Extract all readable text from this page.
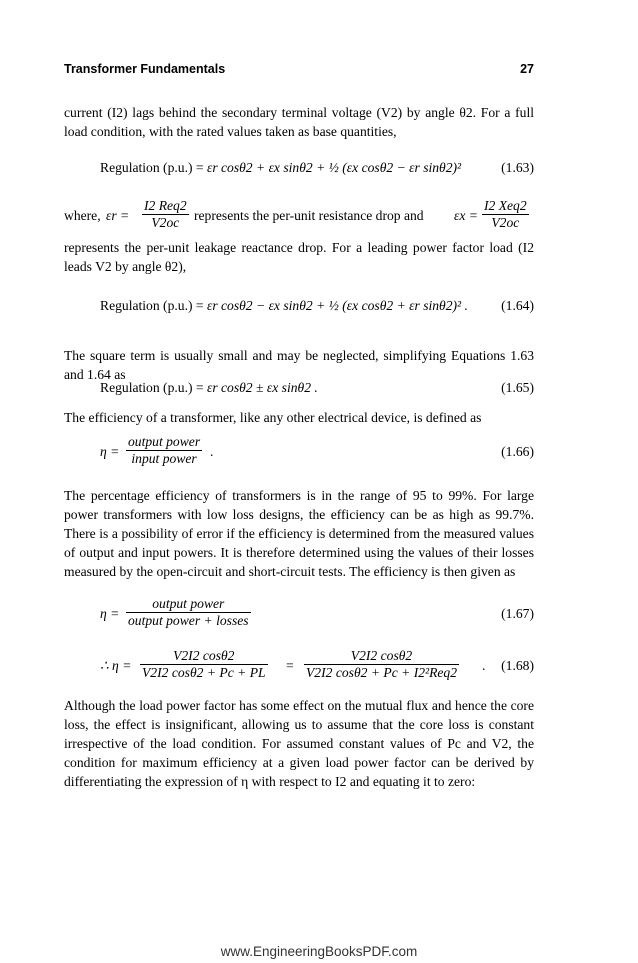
Transformer Fundamentals	27
current (I2) lags behind the secondary terminal voltage (V2) by angle θ2. For a full load condition, with the rated values taken as base quantities,
Regulation (p.u.) = εr cosθ2 + εx sinθ2 + ½ (εx cosθ2 − εr sinθ2)²	(1.63)
where, εr =
I2 Req2
V2oc	represents the per-unit resistance drop and εx =
I2 Xeq2
V2oc
represents the per-unit leakage reactance drop. For a leading power factor load (I2 leads V2 by angle θ2),
Regulation (p.u.) = εr cosθ2 − εx sinθ2 + ½ (εx cosθ2 + εr sinθ2)² . (1.64)
The square term is usually small and may be neglected, simplifying Equations 1.63 and 1.64 as
Regulation (p.u.) = εr cosθ2 ± εx sinθ2 .	(1.65)
The efficiency of a transformer, like any other electrical device, is defined as
η =
output power
input power .	(1.66)
The percentage efficiency of transformers is in the range of 95 to 99%. For large power transformers with low loss designs, the efficiency can be as high as 99.7%. There is a possibility of error if the efficiency is determined from the measured values of output and input powers. It is therefore determined using the values of their losses measured by the open-circuit and short-circuit tests. The efficiency is then given as
η =
output power
output power + losses	(1.67)
∴ $\eta = \frac{V2I2 \cos\theta 2}{V2I2 \cos\theta 2 + Pc + PL}$ =
V2I2 cosθ2
V2I2 cosθ2 + Pc + I2²Req2 . (1.68)
Although the load power factor has some effect on the mutual flux and hence the core loss, the effect is insignificant, allowing us to assume that the core loss is constant irrespective of the load condition. For assumed constant values of Pc and V2, the condition for maximum efficiency at a given load power factor can be derived by differentiating the expression of η with respect to I2 and equating it to zero:
www.EngineeringBooksPDF.com
